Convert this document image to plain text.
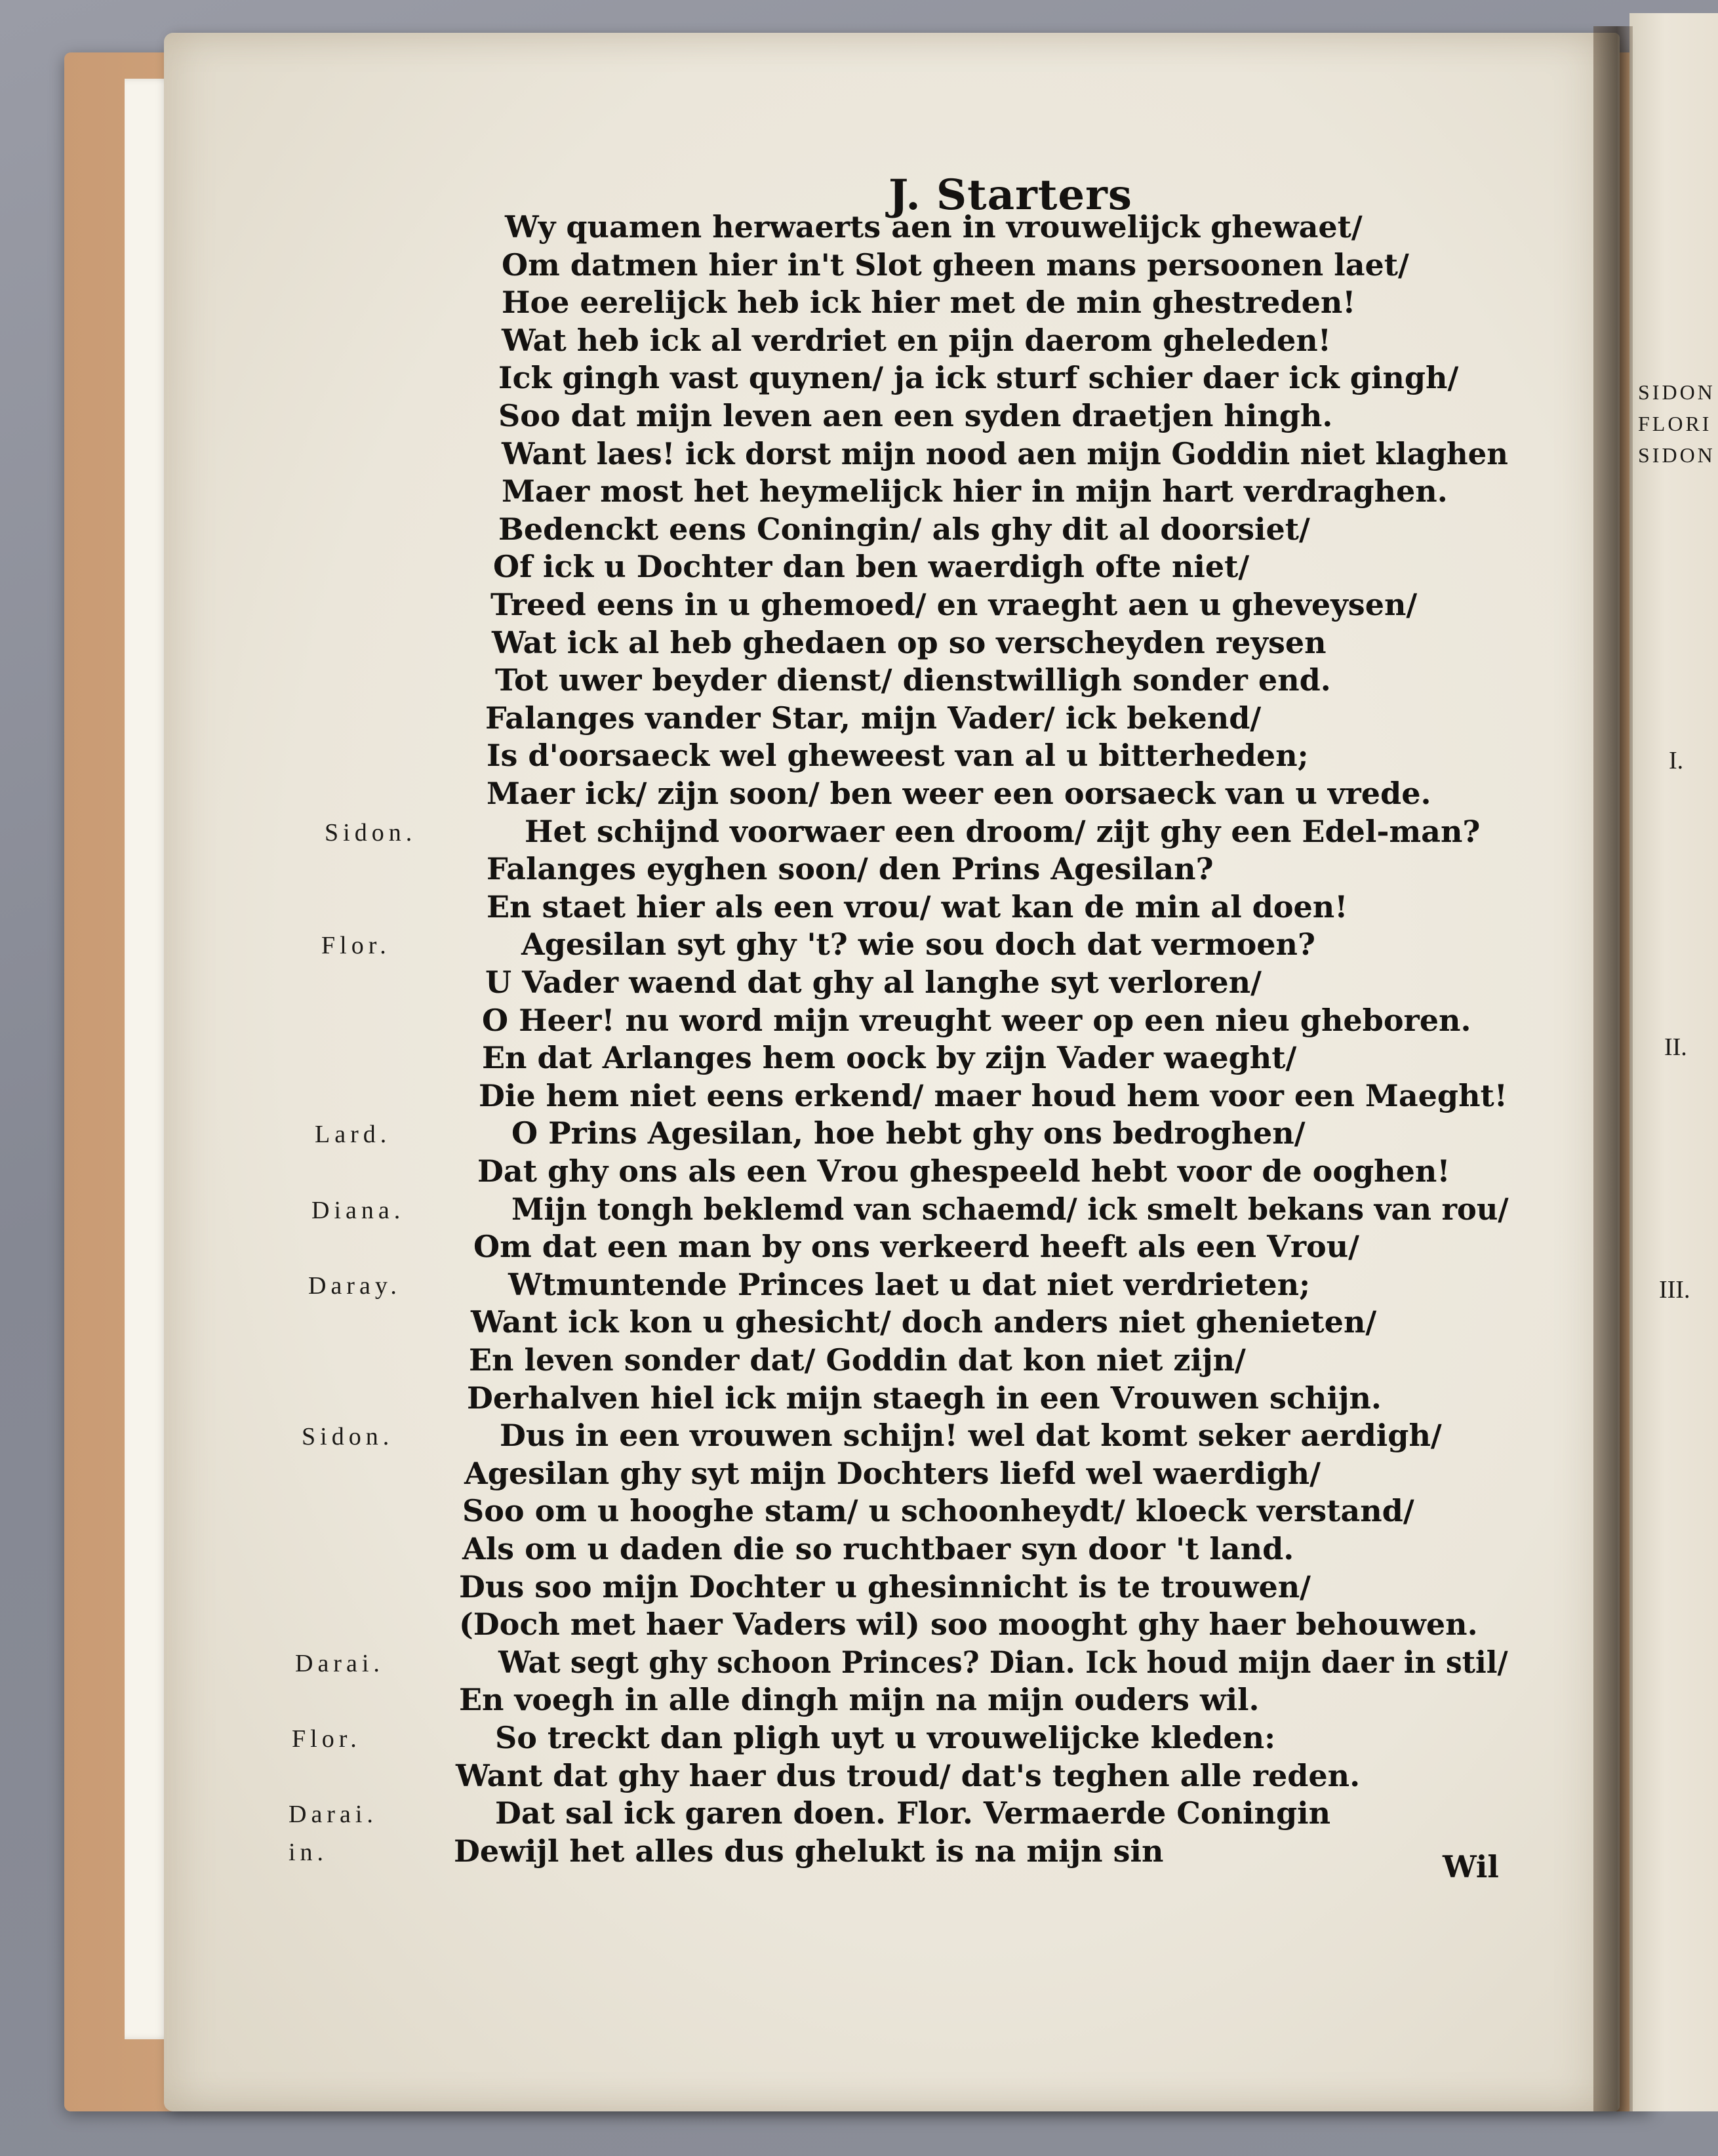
SIDON
FLORI
SIDON
J. Starters
Wy quamen herwaerts aen in vrouwelijck ghewaet/
Om datmen hier in't Slot gheen mans persoonen laet/
Hoe eerelijck heb ick hier met de min ghestreden!
Wat heb ick al verdriet en pijn daerom gheleden!
Ick gingh vast quynen/ ja ick sturf schier daer ick gingh/
Soo dat mijn leven aen een syden draetjen hingh.
Want laes! ick dorst mijn nood aen mijn Goddin niet klaghen
Maer most het heymelijck hier in mijn hart verdraghen.
Bedenckt eens Coningin/ als ghy dit al doorsiet/
Of ick u Dochter dan ben waerdigh ofte niet/
Treed eens in u ghemoed/ en vraeght aen u gheveysen/
Wat ick al heb ghedaen op so verscheyden reysen
Tot uwer beyder dienst/ dienstwilligh sonder end.
Falanges vander Star, mijn Vader/ ick bekend/
Is d'oorsaeck wel gheweest van al u bitterheden;
Maer ick/ zijn soon/ ben weer een oorsaeck van u vrede.
Het schijnd voorwaer een droom/ zijt ghy een Edel-man?
Falanges eyghen soon/ den Prins Agesilan?
En staet hier als een vrou/ wat kan de min al doen!
Agesilan syt ghy 't? wie sou doch dat vermoen?
U Vader waend dat ghy al langhe syt verloren/
O Heer! nu word mijn vreught weer op een nieu gheboren.
En dat Arlanges hem oock by zijn Vader waeght/
Die hem niet eens erkend/ maer houd hem voor een Maeght!
O Prins Agesilan, hoe hebt ghy ons bedroghen/
Dat ghy ons als een Vrou ghespeeld hebt voor de ooghen!
Mijn tongh beklemd van schaemd/ ick smelt bekans van rou/
Om dat een man by ons verkeerd heeft als een Vrou/
Wtmuntende Princes laet u dat niet verdrieten;
Want ick kon u ghesicht/ doch anders niet ghenieten/
En leven sonder dat/ Goddin dat kon niet zijn/
Derhalven hiel ick mijn staegh in een Vrouwen schijn.
Dus in een vrouwen schijn! wel dat komt seker aerdigh/
Agesilan ghy syt mijn Dochters liefd wel waerdigh/
Soo om u hooghe stam/ u schoonheydt/ kloeck verstand/
Als om u daden die so ruchtbaer syn door 't land.
Dus soo mijn Dochter u ghesinnicht is te trouwen/
(Doch met haer Vaders wil) soo mooght ghy haer behouwen.
Wat segt ghy schoon Princes? Dian. Ick houd mijn daer in stil/
En voegh in alle dingh mijn na mijn ouders wil.
So treckt dan pligh uyt u vrouwelijcke kleden:
Want dat ghy haer dus troud/ dat's teghen alle reden.
Dat sal ick garen doen. Flor. Vermaerde Coningin
Dewijl het alles dus ghelukt is na mijn sin
Sidon.
Flor.
Lard.
Diana.
Daray.
Sidon.
Darai.
Flor.
Darai.
in.
I.
II.
III.
Wil
